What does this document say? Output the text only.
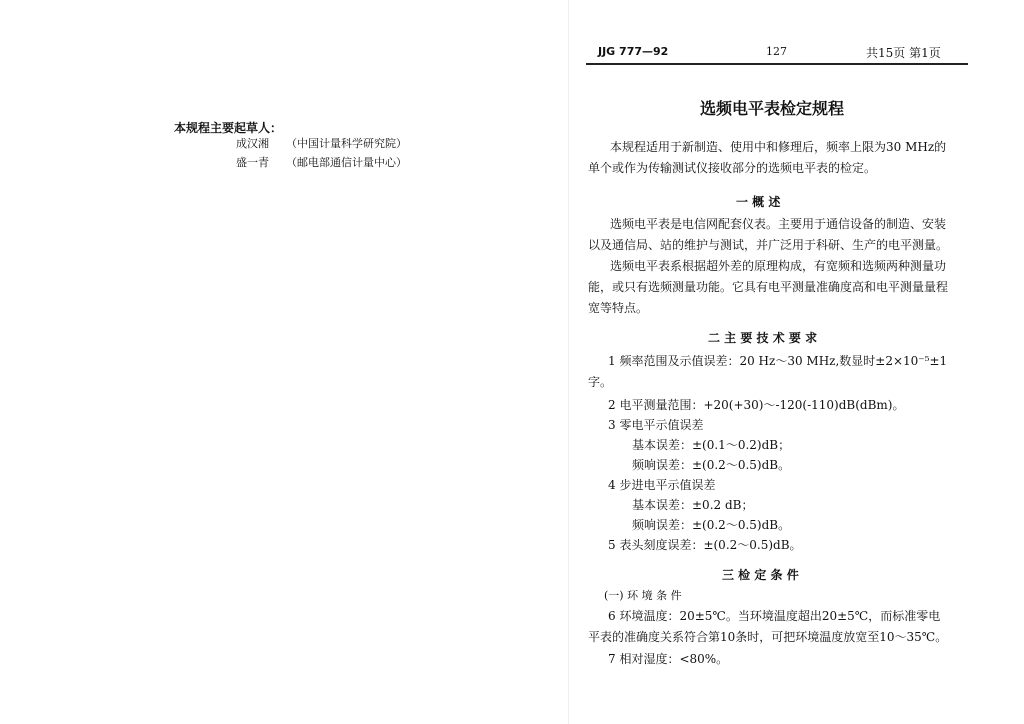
本规程主要起草人：
成汉湘 （中国计量科学研究院）
盛一青 （邮电部通信计量中心）
JJG 777—92	127	共15页 第1页
选频电平表检定规程
本规程适用于新制造、使用中和修理后，频率上限为30 MHz的
单个或作为传输测试仪接收部分的选频电平表的检定。
一 概 述
选频电平表是电信网配套仪表。主要用于通信设备的制造、安装
以及通信局、站的维护与测试，并广泛用于科研、生产的电平测量。
选频电平表系根据超外差的原理构成，有宽频和选频两种测量功
能，或只有选频测量功能。它具有电平测量准确度高和电平测量量程
宽等特点。
二 主 要 技 术 要 求
1 频率范围及示值误差：20 Hz～30 MHz,数显时±2×10⁻⁵±1
字。
2 电平测量范围：+20(+30)～-120(-110)dB(dBm)。
3 零电平示值误差
基本误差：±(0.1～0.2)dB；
频响误差：±(0.2～0.5)dB。
4 步进电平示值误差
基本误差：±0.2 dB；
频响误差：±(0.2～0.5)dB。
5 表头刻度误差：±(0.2～0.5)dB。
三 检 定 条 件
(一) 环 境 条 件
6 环境温度：20±5℃。当环境温度超出20±5℃，而标准零电
平表的准确度关系符合第10条时，可把环境温度放宽至10～35℃。
7 相对湿度：<80%。
